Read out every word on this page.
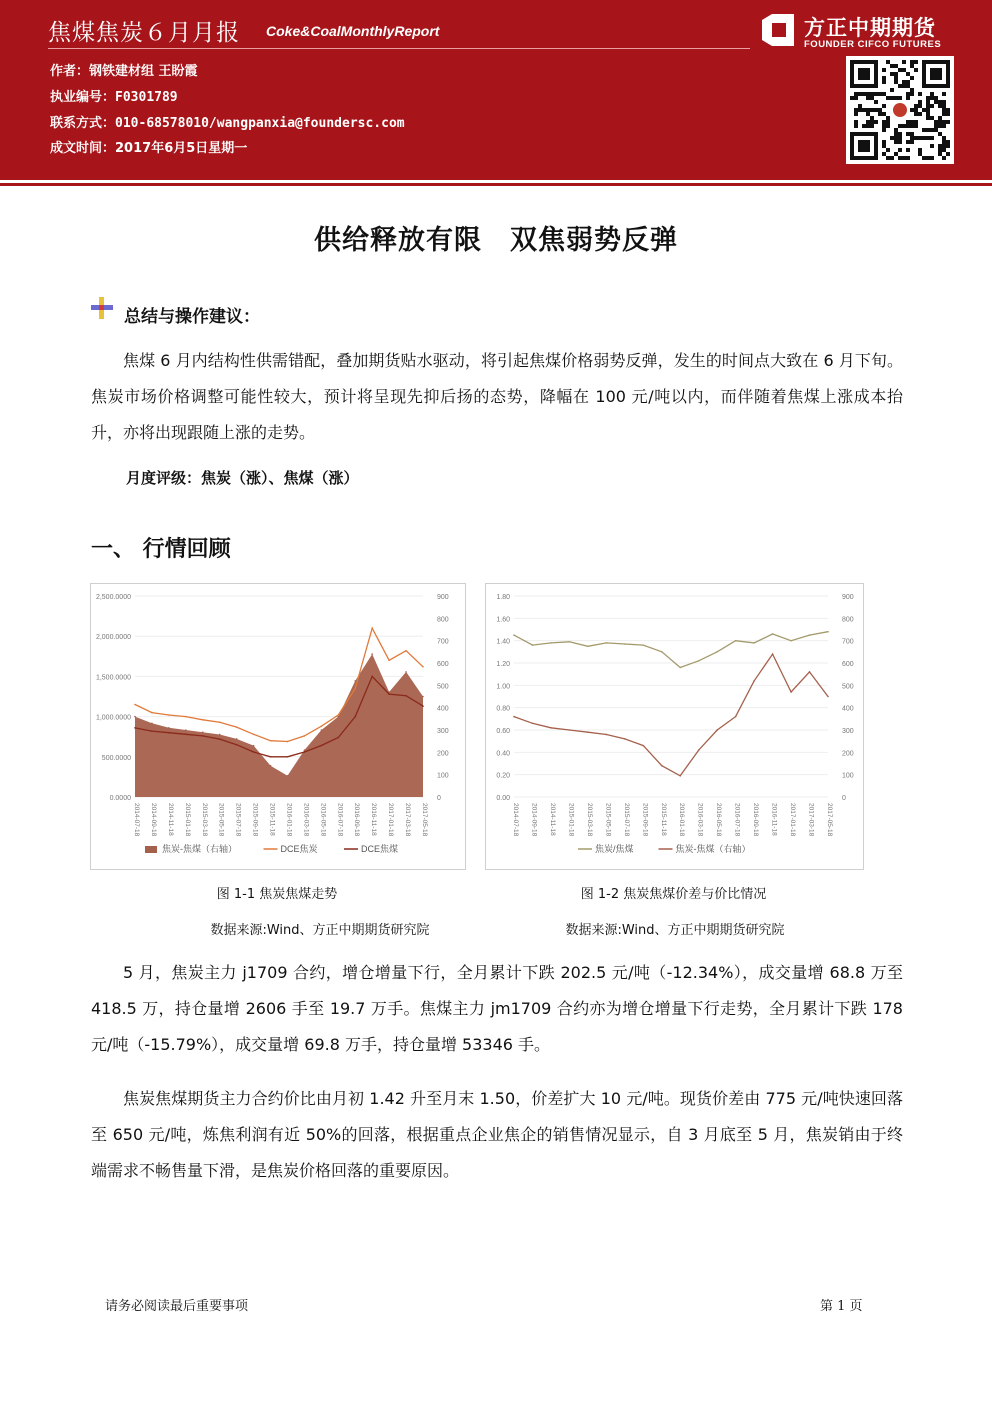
焦煤焦炭６月月报 Coke&CoalMonthlyReport
作者：钢铁建材组 王盼霞
执业编号：F0301789
联系方式：010-68578010/wangpanxia@foundersc.com
成文时间：2017年6月5日星期一
方正中期期货
FOUNDER CIFCO FUTURES
供给释放有限　双焦弱势反弹
总结与操作建议：
焦煤 6 月内结构性供需错配，叠加期货贴水驱动，将引起焦煤价格弱势反弹，发生的时间点大致在 6 月下旬。焦炭市场价格调整可能性较大，预计将呈现先抑后扬的态势，降幅在 100 元/吨以内，而伴随着焦煤上涨成本抬升，亦将出现跟随上涨的走势。
月度评级：焦炭（涨）、焦煤（涨）
一、 行情回顾
0.0000
500.0000
1,000.0000
1,500.0000
2,000.0000
2,500.0000
0
100
200
300
400
500
600
700
800
900
2014-07-18 2014-09-18 2014-11-18 2015-01-18 2015-03-18 2015-05-18 2015-07-18 2015-09-18 2015-11-18 2016-01-18 2016-03-18 2016-05-18 2016-07-18 2016-09-18 2016-11-18 2017-01-18 2017-03-18 2017-05-18
焦炭-焦煤（右轴）	DCE焦炭	DCE焦煤
0.00
0.20
0.40
0.60
0.80
1.00
1.20
1.40
1.60
1.80
0
100
200
300
400
500
600
700
800
900
2014-07-18 2014-09-18 2014-11-18 2015-01-18 2015-03-18 2015-05-18 2015-07-18 2015-09-18 2015-11-18 2016-01-18 2016-03-18 2016-05-18 2016-07-18 2016-09-18 2016-11-18 2017-01-18 2017-03-18 2017-05-18
焦炭/焦煤	焦炭-焦煤（右轴）
图 1-1 焦炭焦煤走势	图 1-2 焦炭焦煤价差与价比情况
数据来源:Wind、方正中期期货研究院	数据来源:Wind、方正中期期货研究院
5 月，焦炭主力 j1709 合约，增仓增量下行，全月累计下跌 202.5 元/吨（-12.34%），成交量增 68.8 万至 418.5 万，持仓量增 2606 手至 19.7 万手。焦煤主力 jm1709 合约亦为增仓增量下行走势，全月累计下跌 178 元/吨（-15.79%），成交量增 69.8 万手，持仓量增 53346 手。
焦炭焦煤期货主力合约价比由月初 1.42 升至月末 1.50，价差扩大 10 元/吨。现货价差由 775 元/吨快速回落至 650 元/吨，炼焦利润有近 50%的回落，根据重点企业焦企的销售情况显示，自 3 月底至 5 月，焦炭销由于终端需求不畅售量下滑，是焦炭价格回落的重要原因。
请务必阅读最后重要事项	第 1 页
